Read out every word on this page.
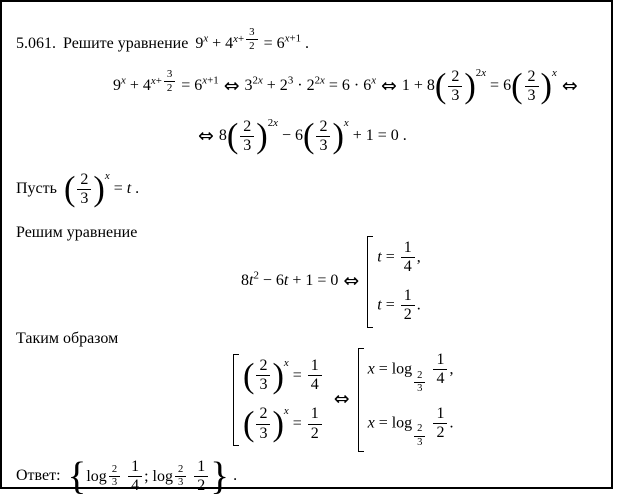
5.061. Решите уравнение $9^x + 4^{x+ \frac{3}{2}} = 6^{x+1}$ .

$9^x + 4^{x+ \frac{3}{2}} = 6^{x+1}$ ⇔ $3^{2x} + 2^3 \cdot 2^{2x} = 6 \cdot 6^x$ ⇔ 1 + 8 ( $\frac{2}{3}$ ) $^{2x}$ = 6 ( $\frac{2}{3}$ ) $^x$⇔

⇔ 8 ( $\frac{2}{3}$ ) $^{2x}$ − 6 ( $\frac{2}{3}$ ) $^x$ + 1 = 0 .

Пусть ( $\frac{2}{3}$ ) $^x$ = t .

Решим уравнение

$8t^2 - 6t + 1 = 0$ ⇔
$t = \frac{1}{4}$ ,
$t = \frac{1}{2}$ .

Таким образом

( $\frac{2}{3}$ ) $^x = \frac{1}{4}$
( $\frac{2}{3}$ ) $^x = \frac{1}{2}$
⇔
x = log
$_{\frac{2}{3}}$
$\frac{1}{4}$ ,
x = log
$_{\frac{2}{3}}$
$\frac{1}{2}$ .

Ответ: { $\log \frac{2}{3}$
$\frac{1}{4}$ ; $\log \frac{2}{3}$
$\frac{1}{2}$ } .
